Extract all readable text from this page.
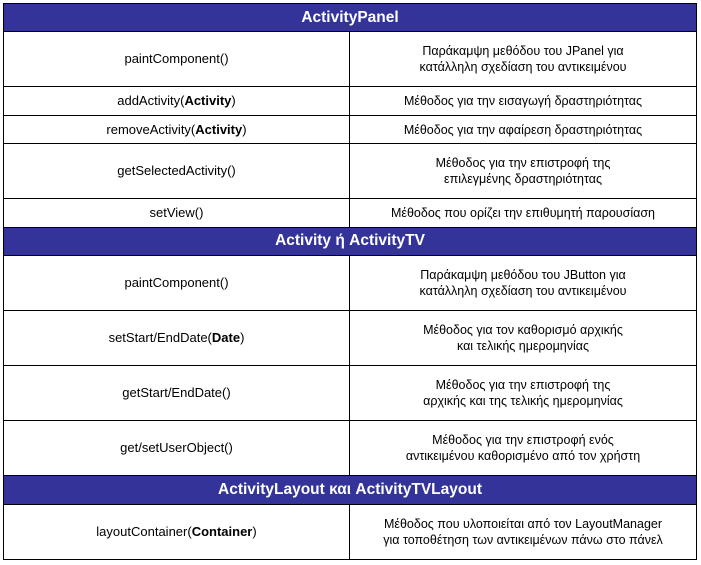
ActivityPanel	
paintComponent()	Παράκαμψη μεθόδου του JPanel για
κατάλληλη σχεδίαση του αντικειμένου

addActivity(Activity)	Μέθοδος για την εισαγωγή δραστηριότητας

removeActivity(Activity)	Μέθοδος για την αφαίρεση δραστηριότητας

getSelectedActivity()	Μέθοδος για την επιστροφή της
επιλεγμένης δραστηριότητας

setView()	Μέθοδος που ορίζει την επιθυμητή παρουσίαση

Activity ή ActivityTV	
paintComponent()	Παράκαμψη μεθόδου του JButton για
κατάλληλη σχεδίαση του αντικειμένου

setStart/EndDate(Date)	Μέθοδος για τον καθορισμό αρχικής
και τελικής ημερομηνίας

getStart/EndDate()	Μέθοδος για την επιστροφή της
αρχικής και της τελικής ημερομηνίας

get/setUserObject()	Μέθοδος για την επιστροφή ενός
αντικειμένου καθορισμένο από τον χρήστη

ActivityLayout και ActivityTVLayout	
layoutContainer(Container)	Μέθοδος που υλοποιείται από τον LayoutManager
για τοποθέτηση των αντικειμένων πάνω στο πάνελ
